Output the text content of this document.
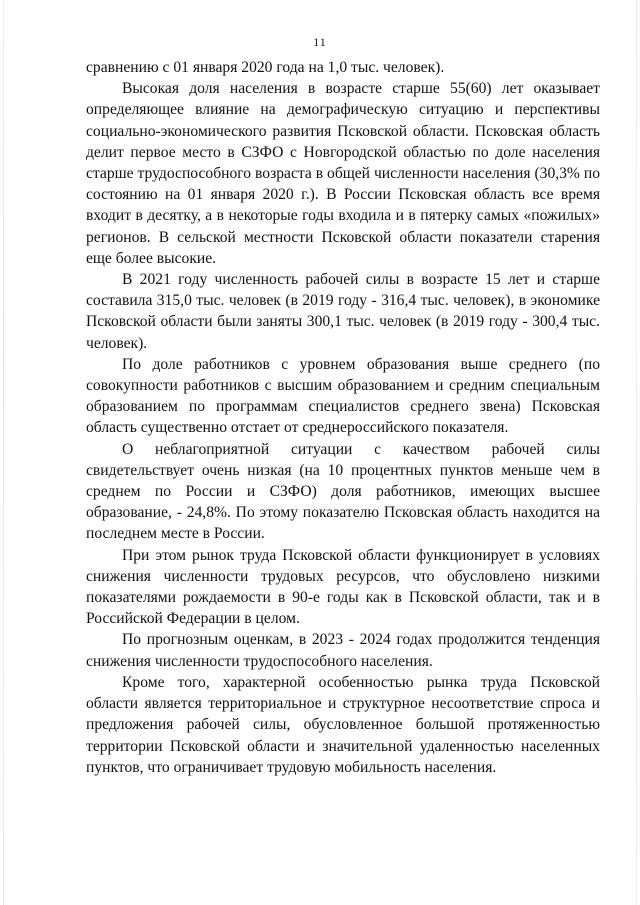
11

сравнению с 01 января 2020 года на 1,0 тыс. человек).

Высокая доля населения в возрасте старше 55(60) лет оказывает определяющее влияние на демографическую ситуацию и перспективы социально-экономического развития Псковской области. Псковская область делит первое место в СЗФО с Новгородской областью по доле населения старше трудоспособного возраста в общей численности населения (30,3% по состоянию на 01 января 2020 г.). В России Псковская область все время входит в десятку, а в некоторые годы входила и в пятерку самых «пожилых» регионов. В сельской местности Псковской области показатели старения еще более высокие.

В 2021 году численность рабочей силы в возрасте 15 лет и старше составила 315,0 тыс. человек (в 2019 году - 316,4 тыс. человек), в экономике Псковской области были заняты 300,1 тыс. человек (в 2019 году - 300,4 тыс. человек).

По доле работников с уровнем образования выше среднего (по совокупности работников с высшим образованием и средним специальным образованием по программам специалистов среднего звена) Псковская область существенно отстает от среднероссийского показателя.

О неблагоприятной ситуации с качеством рабочей силы свидетельствует очень низкая (на 10 процентных пунктов меньше чем в среднем по России и СЗФО) доля работников, имеющих высшее образование, - 24,8%. По этому показателю Псковская область находится на последнем месте в России.

При этом рынок труда Псковской области функционирует в условиях снижения численности трудовых ресурсов, что обусловлено низкими показателями рождаемости в 90-е годы как в Псковской области, так и в Российской Федерации в целом.

По прогнозным оценкам, в 2023 - 2024 годах продолжится тенденция снижения численности трудоспособного населения.

Кроме того, характерной особенностью рынка труда Псковской области является территориальное и структурное несоответствие спроса и предложения рабочей силы, обусловленное большой протяженностью территории Псковской области и значительной удаленностью населенных пунктов, что ограничивает трудовую мобильность населения.
